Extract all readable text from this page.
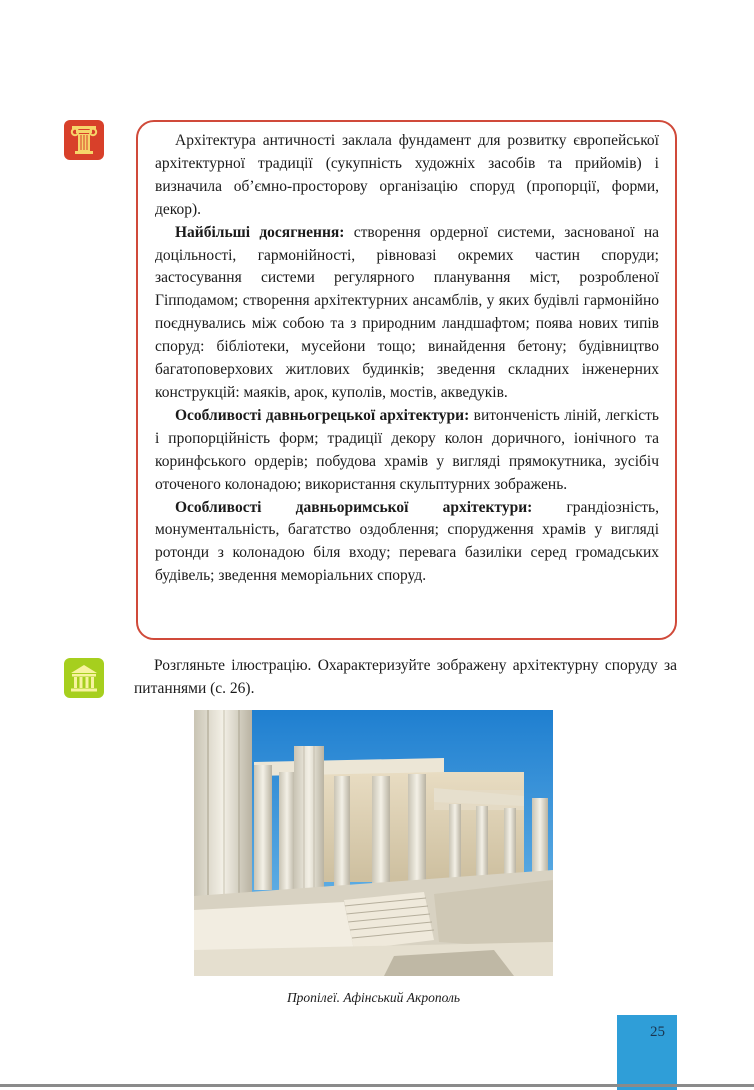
Архітектура античності заклала фундамент для розвитку європейської архітектурної традиції (сукупність художніх засобів та прийомів) і визначила об’ємно-просторову організацію споруд (пропорції, форми, декор).

Найбільші досягнення: створення ордерної системи, заснованої на доцільності, гармонійності, рівновазі окремих частин споруди; застосування системи регулярного планування міст, розробленої Гіпподамом; створення архітектурних ансамблів, у яких будівлі гармонійно поєднувались між собою та з природним ландшафтом; поява нових типів споруд: бібліотеки, мусейони тощо; винайдення бетону; будівництво багатоповерхових житлових будинків; зведення складних інженерних конструкцій: маяків, арок, куполів, мостів, акведуків.

Особливості давньогрецької архітектури: витонченість ліній, легкість і пропорційність форм; традиції декору колон доричного, іонічного та коринфського ордерів; побудова храмів у вигляді прямокутника, зусібіч оточеного колонадою; використання скульптурних зображень.

Особливості давньоримської архітектури: грандіозність, монументальність, багатство оздоблення; спорудження храмів у вигляді ротонди з колонадою біля входу; перевага базиліки серед громадських будівель; зведення меморіальних споруд.

Розгляньте ілюстрацію. Охарактеризуйте зображену архітектурну споруду за питаннями (с. 26).

Пропілеї. Афінський Акрополь
25
